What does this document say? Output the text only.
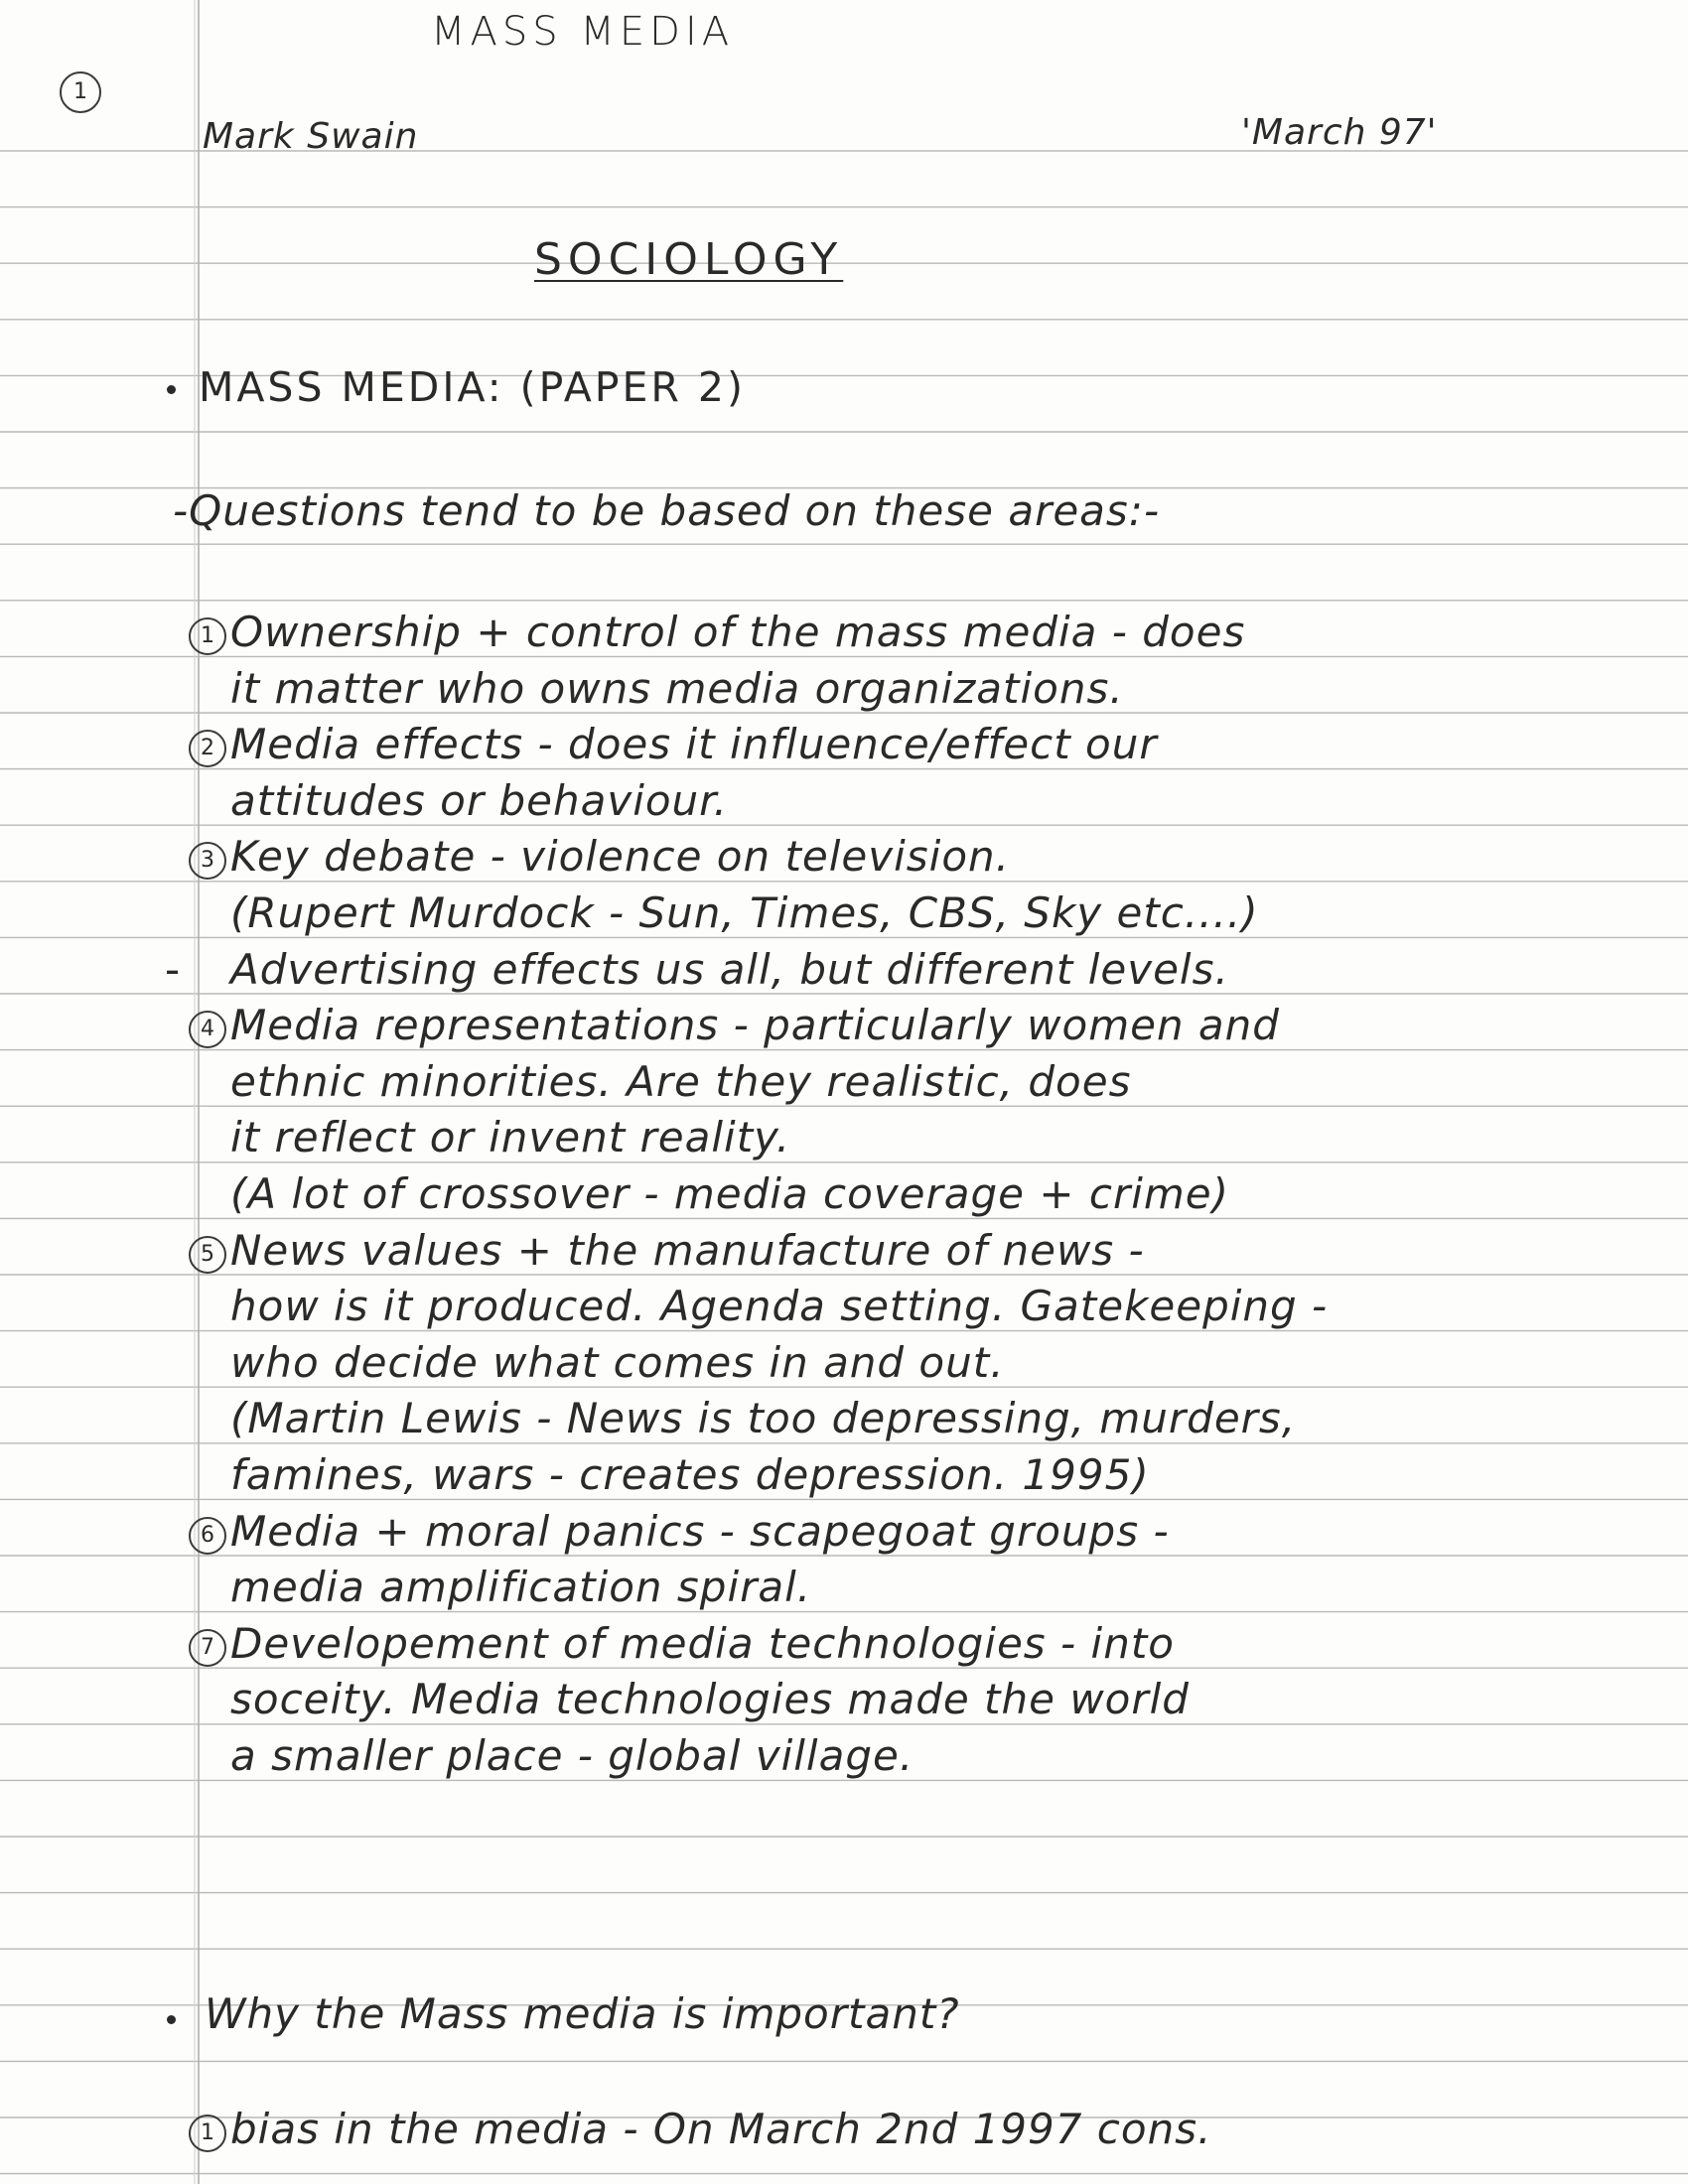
MASS MEDIA
1
Mark Swain	'March 97'
SOCIOLOGY
MASS MEDIA: (PAPER 2)
-Questions tend to be based on these areas:-
1 Ownership + control of the mass media - does
it matter who owns media organizations.
2 Media effects - does it influence/effect our
attitudes or behaviour.
3 Key debate - violence on television.
(Rupert Murdock - Sun, Times, CBS, Sky etc....)
- Advertising effects us all, but different levels.
4 Media representations - particularly women and
ethnic minorities. Are they realistic, does
it reflect or invent reality.
(A lot of crossover - media coverage + crime)
5 News values + the manufacture of news -
how is it produced. Agenda setting. Gatekeeping -
who decide what comes in and out.
(Martin Lewis - News is too depressing, murders,
famines, wars - creates depression. 1995)
6 Media + moral panics - scapegoat groups -
media amplification spiral.
7 Developement of media technologies - into
soceity. Media technologies made the world
a smaller place - global village.
Why the Mass media is important?
1 bias in the media - On March 2nd 1997 cons.
